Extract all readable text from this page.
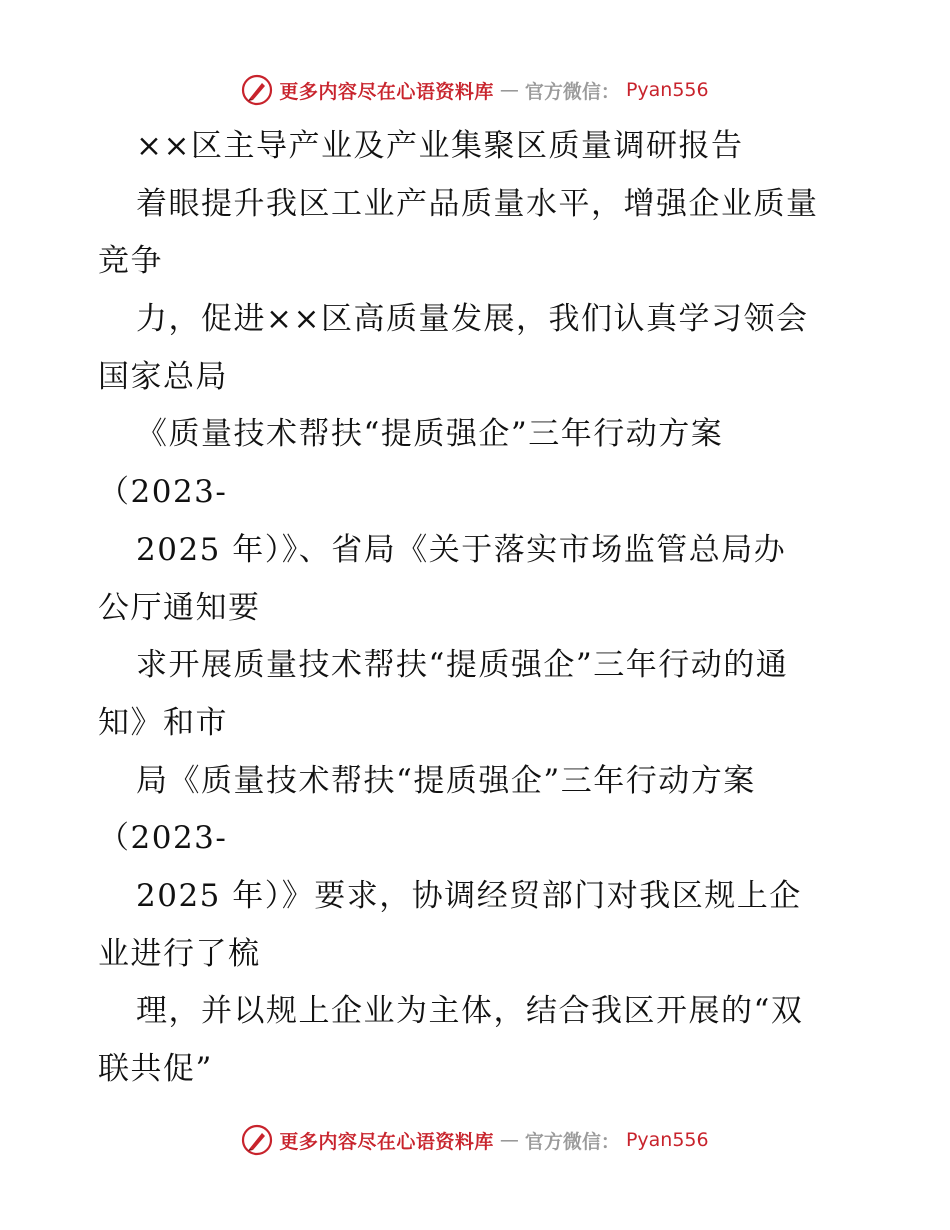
更多内容尽在心语资料库 — 官方微信： Pyan556
××区主导产业及产业集聚区质量调研报告
着眼提升我区工业产品质量水平，增强企业质量
竞争
力，促进××区高质量发展，我们认真学习领会
国家总局
《质量技术帮扶“提质强企”三年行动方案
（2023-
2025 年）》、省局《关于落实市场监管总局办
公厅通知要
求开展质量技术帮扶“提质强企”三年行动的通
知》和市
局《质量技术帮扶“提质强企”三年行动方案
（2023-
2025 年）》要求，协调经贸部门对我区规上企
业进行了梳
理，并以规上企业为主体，结合我区开展的“双
联共促”
更多内容尽在心语资料库 — 官方微信： Pyan556
